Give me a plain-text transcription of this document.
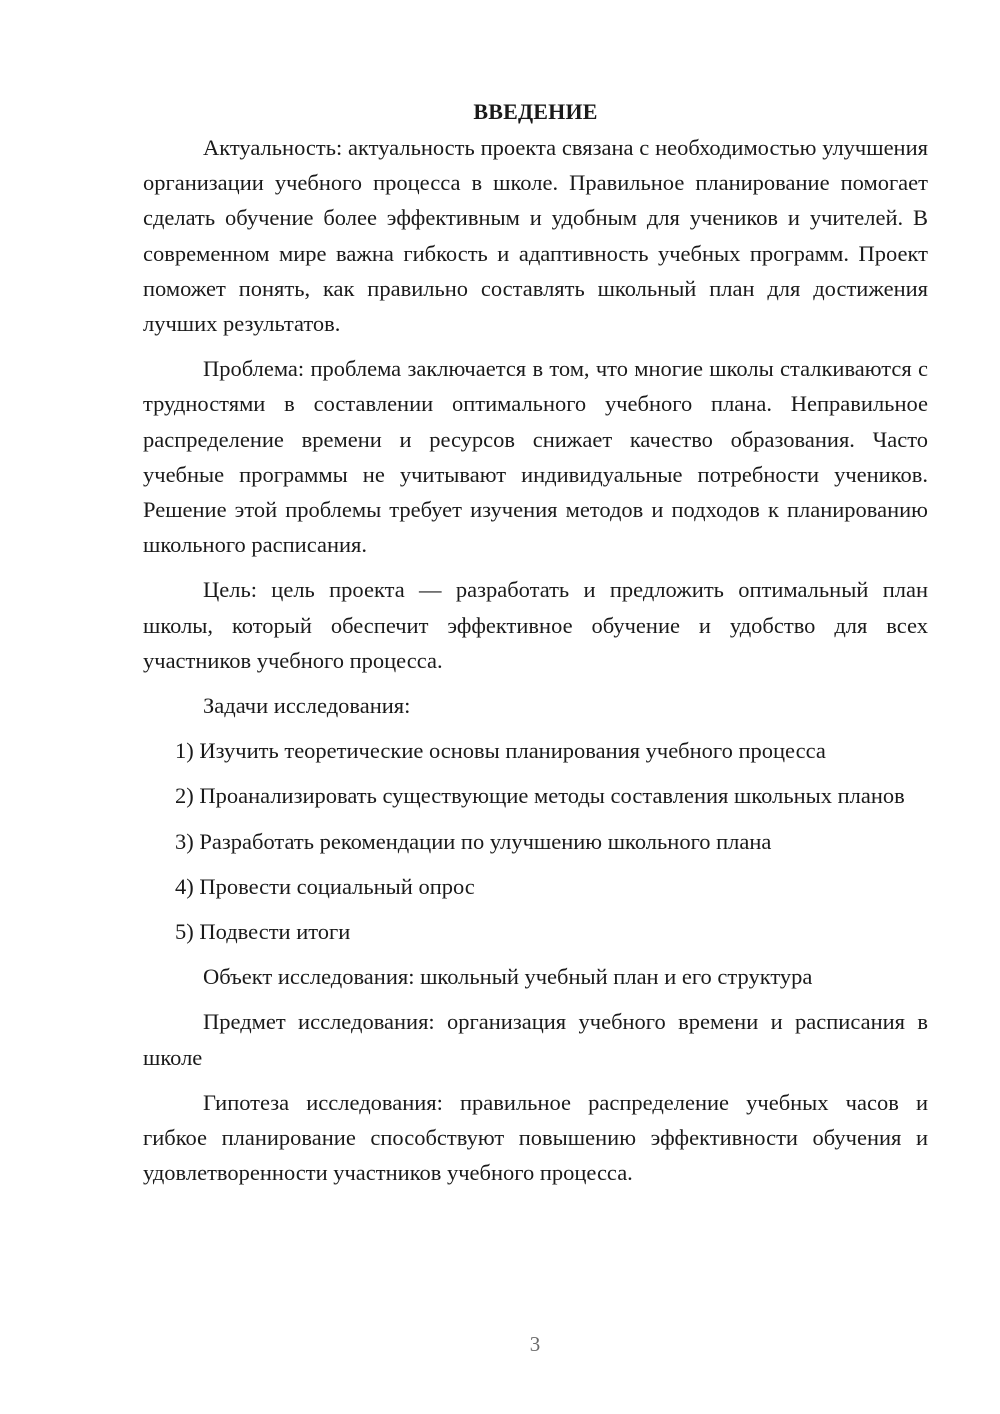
ВВЕДЕНИЕ

Актуальность: актуальность проекта связана с необходимостью улучшения организации учебного процесса в школе. Правильное планирование помогает сделать обучение более эффективным и удобным для учеников и учителей. В современном мире важна гибкость и адаптивность учебных программ. Проект поможет понять, как правильно составлять школьный план для достижения лучших результатов.

Проблема: проблема заключается в том, что многие школы сталкиваются с трудностями в составлении оптимального учебного плана. Неправильное распределение времени и ресурсов снижает качество образования. Часто учебные программы не учитывают индивидуальные потребности учеников. Решение этой проблемы требует изучения методов и подходов к планированию школьного расписания.

Цель: цель проекта — разработать и предложить оптимальный план школы, который обеспечит эффективное обучение и удобство для всех участников учебного процесса.

Задачи исследования:

1) Изучить теоретические основы планирования учебного процесса

2) Проанализировать существующие методы составления школьных планов

3) Разработать рекомендации по улучшению школьного плана

4) Провести социальный опрос

5) Подвести итоги

Объект исследования: школьный учебный план и его структура

Предмет исследования: организация учебного времени и расписания в школе

Гипотеза исследования: правильное распределение учебных часов и гибкое планирование способствуют повышению эффективности обучения и удовлетворенности участников учебного процесса.

3
